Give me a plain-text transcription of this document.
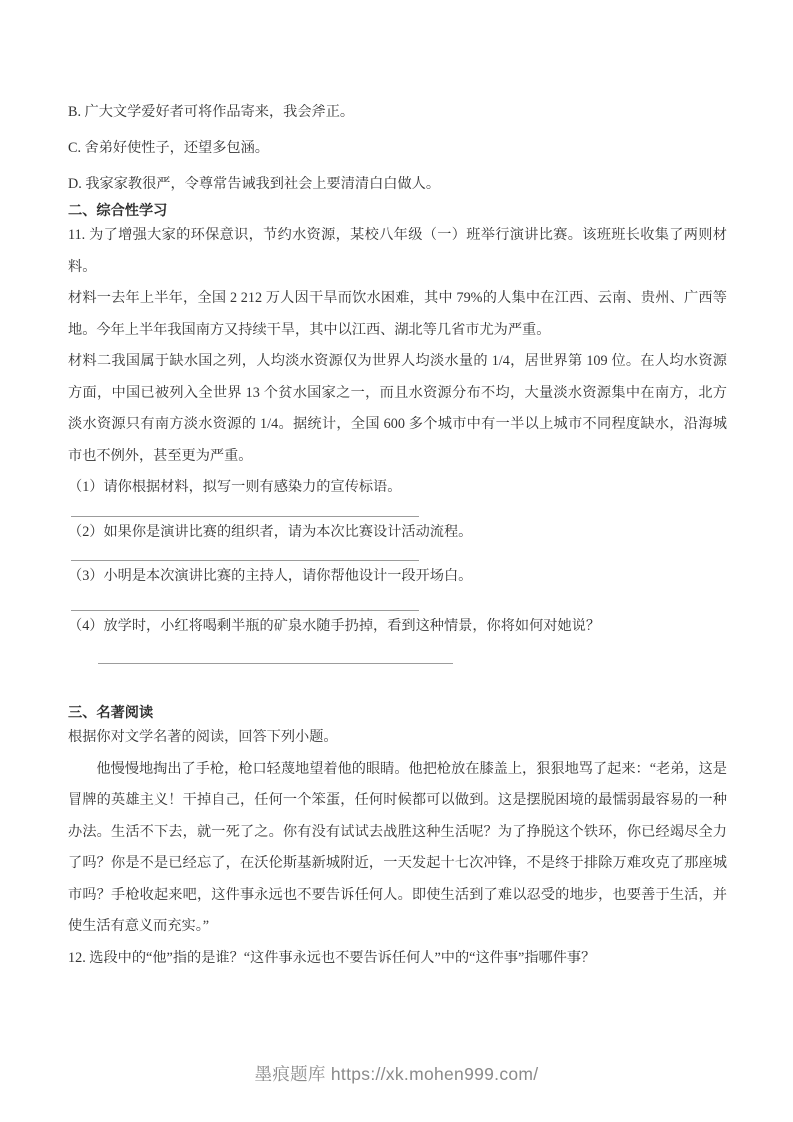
B. 广大文学爱好者可将作品寄来，我会斧正。

C. 舍弟好使性子，还望多包涵。

D. 我家家教很严，令尊常告诫我到社会上要清清白白做人。

二、综合性学习

11. 为了增强大家的环保意识，节约水资源，某校八年级（一）班举行演讲比赛。该班班长收集了两则材料。

材料一去年上半年，全国 2 212 万人因干旱而饮水困难，其中 79%的人集中在江西、云南、贵州、广西等地。今年上半年我国南方又持续干旱，其中以江西、湖北等几省市尤为严重。

材料二我国属于缺水国之列，人均淡水资源仅为世界人均淡水量的 1/4，居世界第 109 位。在人均水资源方面，中国已被列入全世界 13 个贫水国家之一，而且水资源分布不均，大量淡水资源集中在南方，北方淡水资源只有南方淡水资源的 1/4。据统计，全国 600 多个城市中有一半以上城市不同程度缺水，沿海城市也不例外，甚至更为严重。

（1）请你根据材料，拟写一则有感染力的宣传标语。

（2）如果你是演讲比赛的组织者，请为本次比赛设计活动流程。

（3）小明是本次演讲比赛的主持人，请你帮他设计一段开场白。

（4）放学时，小红将喝剩半瓶的矿泉水随手扔掉，看到这种情景，你将如何对她说？

三、名著阅读

根据你对文学名著的阅读，回答下列小题。

他慢慢地掏出了手枪，枪口轻蔑地望着他的眼睛。他把枪放在膝盖上，狠狠地骂了起来：“老弟，这是冒牌的英雄主义！干掉自己，任何一个笨蛋，任何时候都可以做到。这是摆脱困境的最懦弱最容易的一种办法。生活不下去，就一死了之。你有没有试试去战胜这种生活呢？为了挣脱这个铁环，你已经竭尽全力了吗？你是不是已经忘了，在沃伦斯基新城附近，一天发起十七次冲锋，不是终于排除万难攻克了那座城市吗？手枪收起来吧，这件事永远也不要告诉任何人。即使生活到了难以忍受的地步，也要善于生活，并使生活有意义而充实。”

12. 选段中的“他”指的是谁？“这件事永远也不要告诉任何人”中的“这件事”指哪件事？

墨痕题库 https://xk.mohen999.com/
